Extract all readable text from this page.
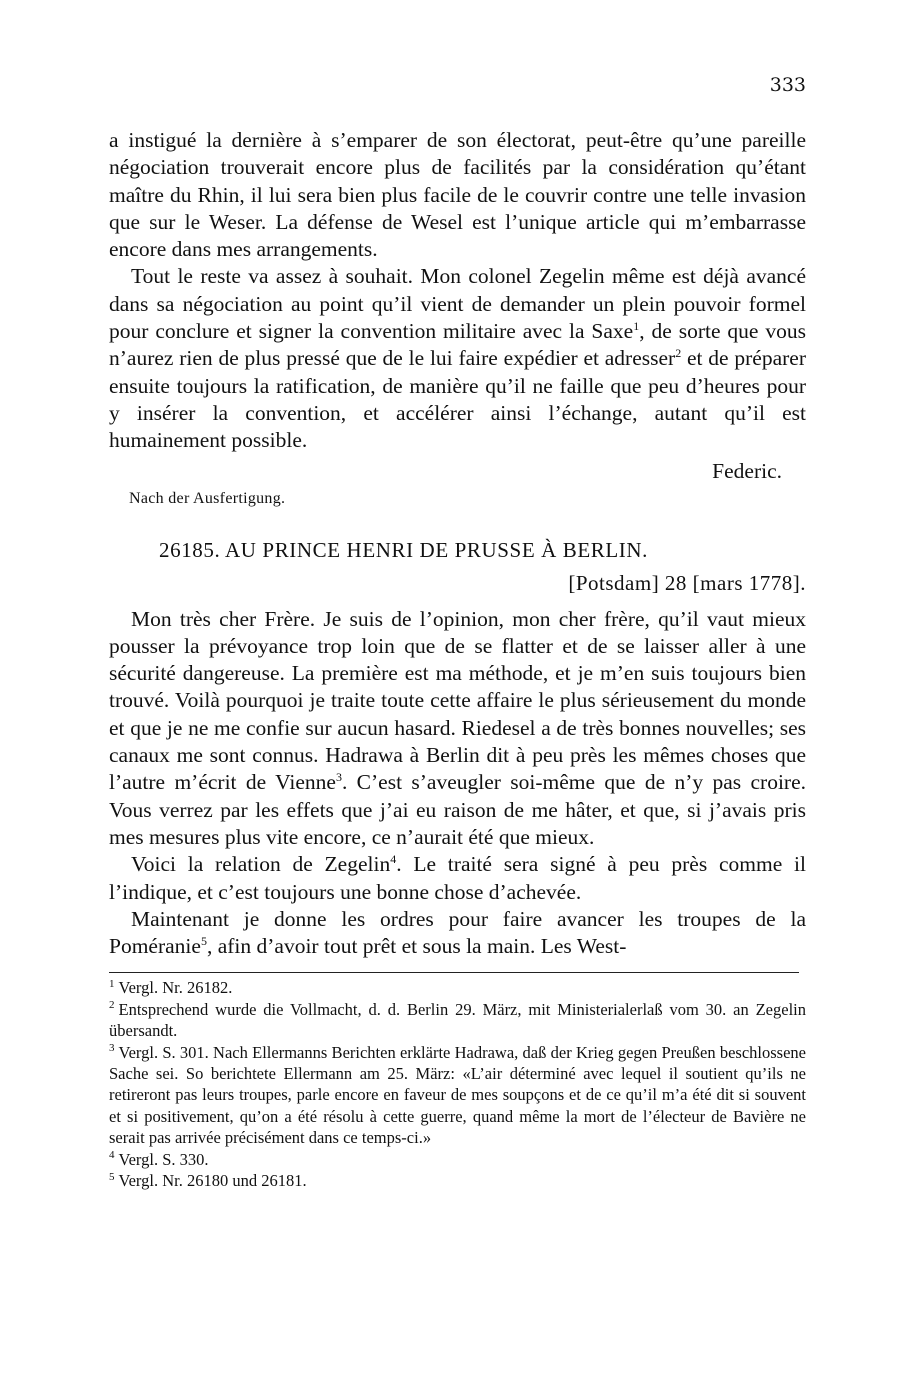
333

a instigué la dernière à s’emparer de son électorat, peut-être qu’une pareille négociation trouverait encore plus de facilités par la considération qu’étant maître du Rhin, il lui sera bien plus facile de le couvrir contre une telle invasion que sur le Weser. La défense de Wesel est l’unique article qui m’embarrasse encore dans mes arrangements.

Tout le reste va assez à souhait. Mon colonel Zegelin même est déjà avancé dans sa négociation au point qu’il vient de demander un plein pouvoir formel pour conclure et signer la convention militaire avec la Saxe$^1$, de sorte que vous n’aurez rien de plus pressé que de le lui faire expédier et adresser$^2$ et de préparer ensuite toujours la ratification, de manière qu’il ne faille que peu d’heures pour y insérer la convention, et accélérer ainsi l’échange, autant qu’il est humainement possible.

Federic.
Nach der Ausfertigung.
26185. AU PRINCE HENRI DE PRUSSE À BERLIN.
[Potsdam] 28 [mars 1778].

Mon très cher Frère. Je suis de l’opinion, mon cher frère, qu’il vaut mieux pousser la prévoyance trop loin que de se flatter et de se laisser aller à une sécurité dangereuse. La première est ma méthode, et je m’en suis toujours bien trouvé. Voilà pourquoi je traite toute cette affaire le plus sérieusement du monde et que je ne me confie sur aucun hasard. Riedesel a de très bonnes nouvelles; ses canaux me sont connus. Hadrawa à Berlin dit à peu près les mêmes choses que l’autre m’écrit de Vienne$^3$. C’est s’aveugler soi-même que de n’y pas croire. Vous verrez par les effets que j’ai eu raison de me hâter, et que, si j’avais pris mes mesures plus vite encore, ce n’aurait été que mieux.

Voici la relation de Zegelin$^4$. Le traité sera signé à peu près comme il l’indique, et c’est toujours une bonne chose d’achevée.

Maintenant je donne les ordres pour faire avancer les troupes de la Poméranie$^5$, afin d’avoir tout prêt et sous la main. Les West-

$^1$ Vergl. Nr. 26182.

$^2$ Entsprechend wurde die Vollmacht, d. d. Berlin 29. März, mit Ministerialerlaß vom 30. an Zegelin übersandt.

$^3$ Vergl. S. 301. Nach Ellermanns Berichten erklärte Hadrawa, daß der Krieg gegen Preußen beschlossene Sache sei. So berichtete Ellermann am 25. März: «L’air déterminé avec lequel il soutient qu’ils ne retireront pas leurs troupes, parle encore en faveur de mes soupçons et de ce qu’il m’a été dit si souvent et si positivement, qu’on a été résolu à cette guerre, quand même la mort de l’électeur de Bavière ne serait pas arrivée précisément dans ce temps-ci.»

$^4$ Vergl. S. 330.

$^5$ Vergl. Nr. 26180 und 26181.
